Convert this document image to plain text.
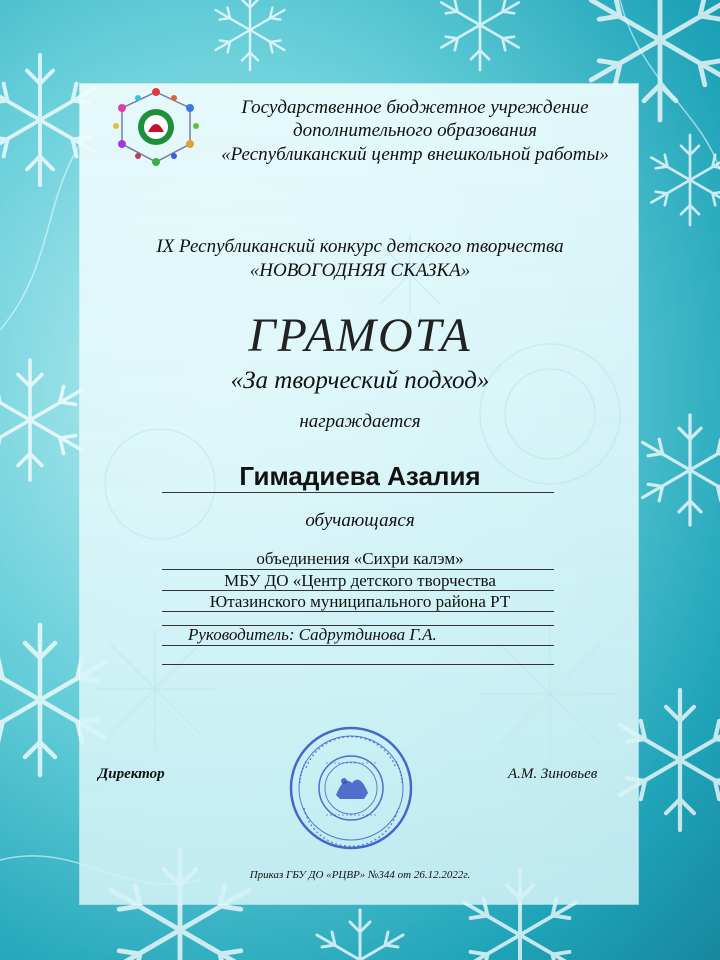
Государственное бюджетное учреждение
дополнительного образования
«Республиканский центр внешкольной работы»
IX Республиканский конкурс детского творчества
«НОВОГОДНЯЯ СКАЗКА»
ГРАМОТА
«За творческий подход»
награждается
Гимадиева Азалия
обучающаяся
объединения «Сихри калэм»
МБУ ДО «Центр детского творчества
Ютазинского муниципального района РТ
Руководитель: Садрутдинова Г.А.
Директор	А.М. Зиновьев
Приказ ГБУ ДО «РЦВР» №344 от 26.12.2022г.
